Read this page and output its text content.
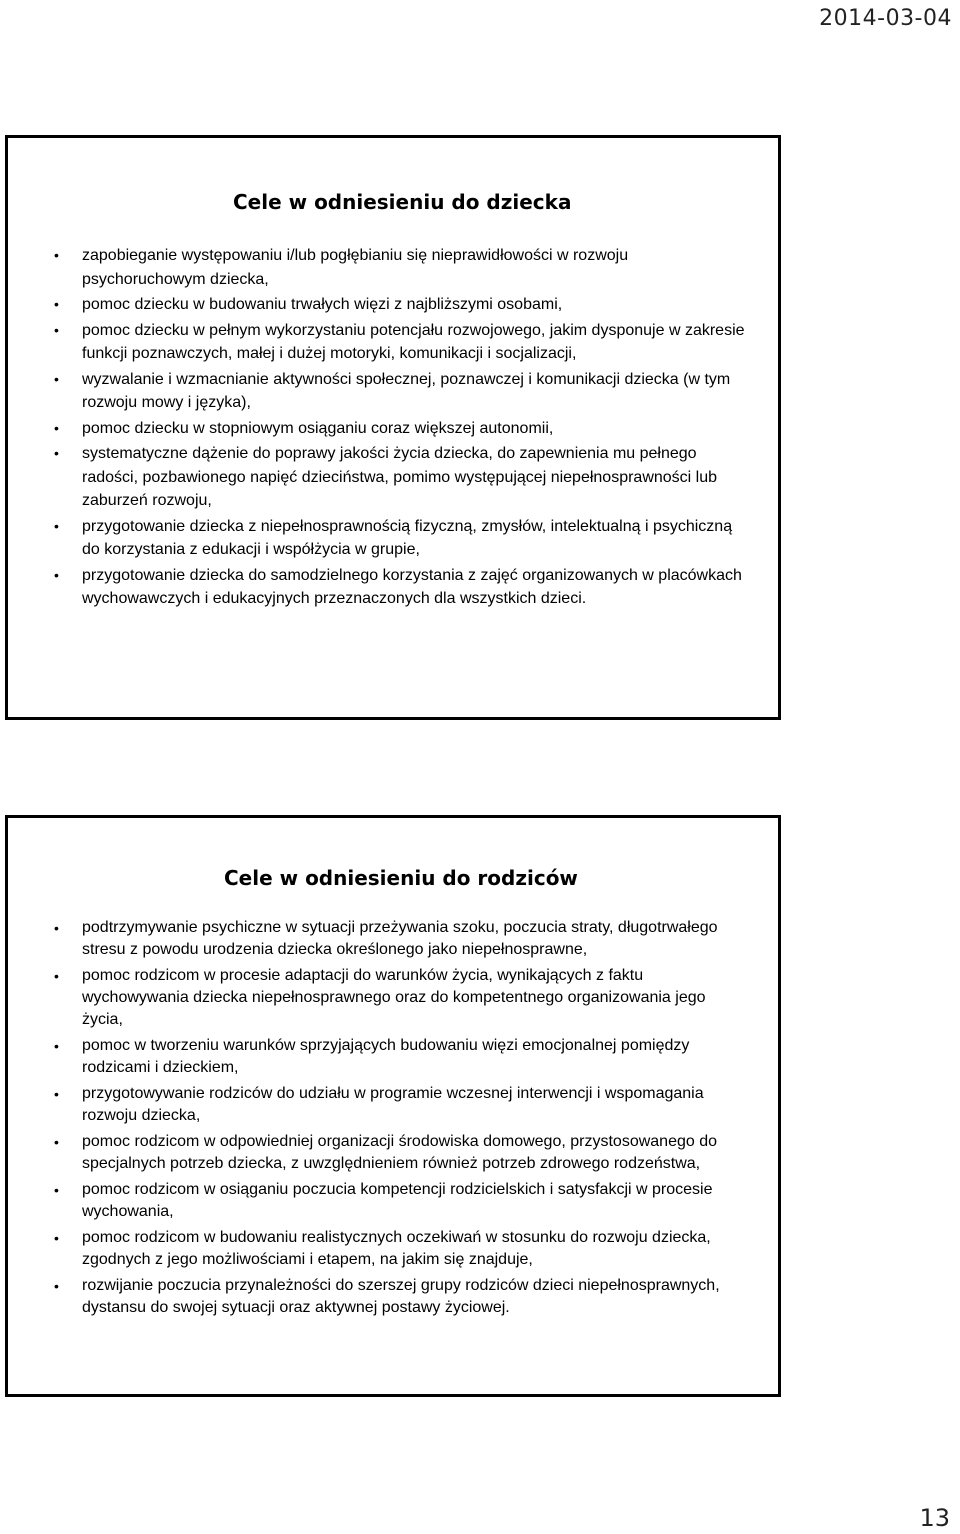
2014-03-04
Cele w odniesieniu do dziecka
• zapobieganie występowaniu i/lub pogłębianiu się nieprawidłowości w rozwoju psychoruchowym dziecka,
• pomoc dziecku w budowaniu trwałych więzi z najbliższymi osobami,
• pomoc dziecku w pełnym wykorzystaniu potencjału rozwojowego, jakim dysponuje w zakresie funkcji poznawczych, małej i dużej motoryki, komunikacji i socjalizacji,
• wyzwalanie i wzmacnianie aktywności społecznej, poznawczej i komunikacji dziecka (w tym rozwoju mowy i języka),
• pomoc dziecku w stopniowym osiąganiu coraz większej autonomii,
• systematyczne dążenie do poprawy jakości życia dziecka, do zapewnienia mu pełnego radości, pozbawionego napięć dzieciństwa, pomimo występującej niepełnosprawności lub zaburzeń rozwoju,
• przygotowanie dziecka z niepełnosprawnością fizyczną, zmysłów, intelektualną i psychiczną do korzystania z edukacji i współżycia w grupie,
• przygotowanie dziecka do samodzielnego korzystania z zajęć organizowanych w placówkach wychowawczych i edukacyjnych przeznaczonych dla wszystkich dzieci.
Cele w odniesieniu do rodziców
• podtrzymywanie psychiczne w sytuacji przeżywania szoku, poczucia straty, długotrwałego stresu z powodu urodzenia dziecka określonego jako niepełnosprawne,
• pomoc rodzicom w procesie adaptacji do warunków życia, wynikających z faktu wychowywania dziecka niepełnosprawnego oraz do kompetentnego organizowania jego życia,
• pomoc w tworzeniu warunków sprzyjających budowaniu więzi emocjonalnej pomiędzy rodzicami i dzieckiem,
• przygotowywanie rodziców do udziału w programie wczesnej interwencji i wspomagania rozwoju dziecka,
• pomoc rodzicom w odpowiedniej organizacji środowiska domowego, przystosowanego do specjalnych potrzeb dziecka, z uwzględnieniem również potrzeb zdrowego rodzeństwa,
• pomoc rodzicom w osiąganiu poczucia kompetencji rodzicielskich i satysfakcji w procesie wychowania,
• pomoc rodzicom w budowaniu realistycznych oczekiwań w stosunku do rozwoju dziecka, zgodnych z jego możliwościami i etapem, na jakim się znajduje,
• rozwijanie poczucia przynależności do szerszej grupy rodziców dzieci niepełnosprawnych, dystansu do swojej sytuacji oraz aktywnej postawy życiowej.
13
